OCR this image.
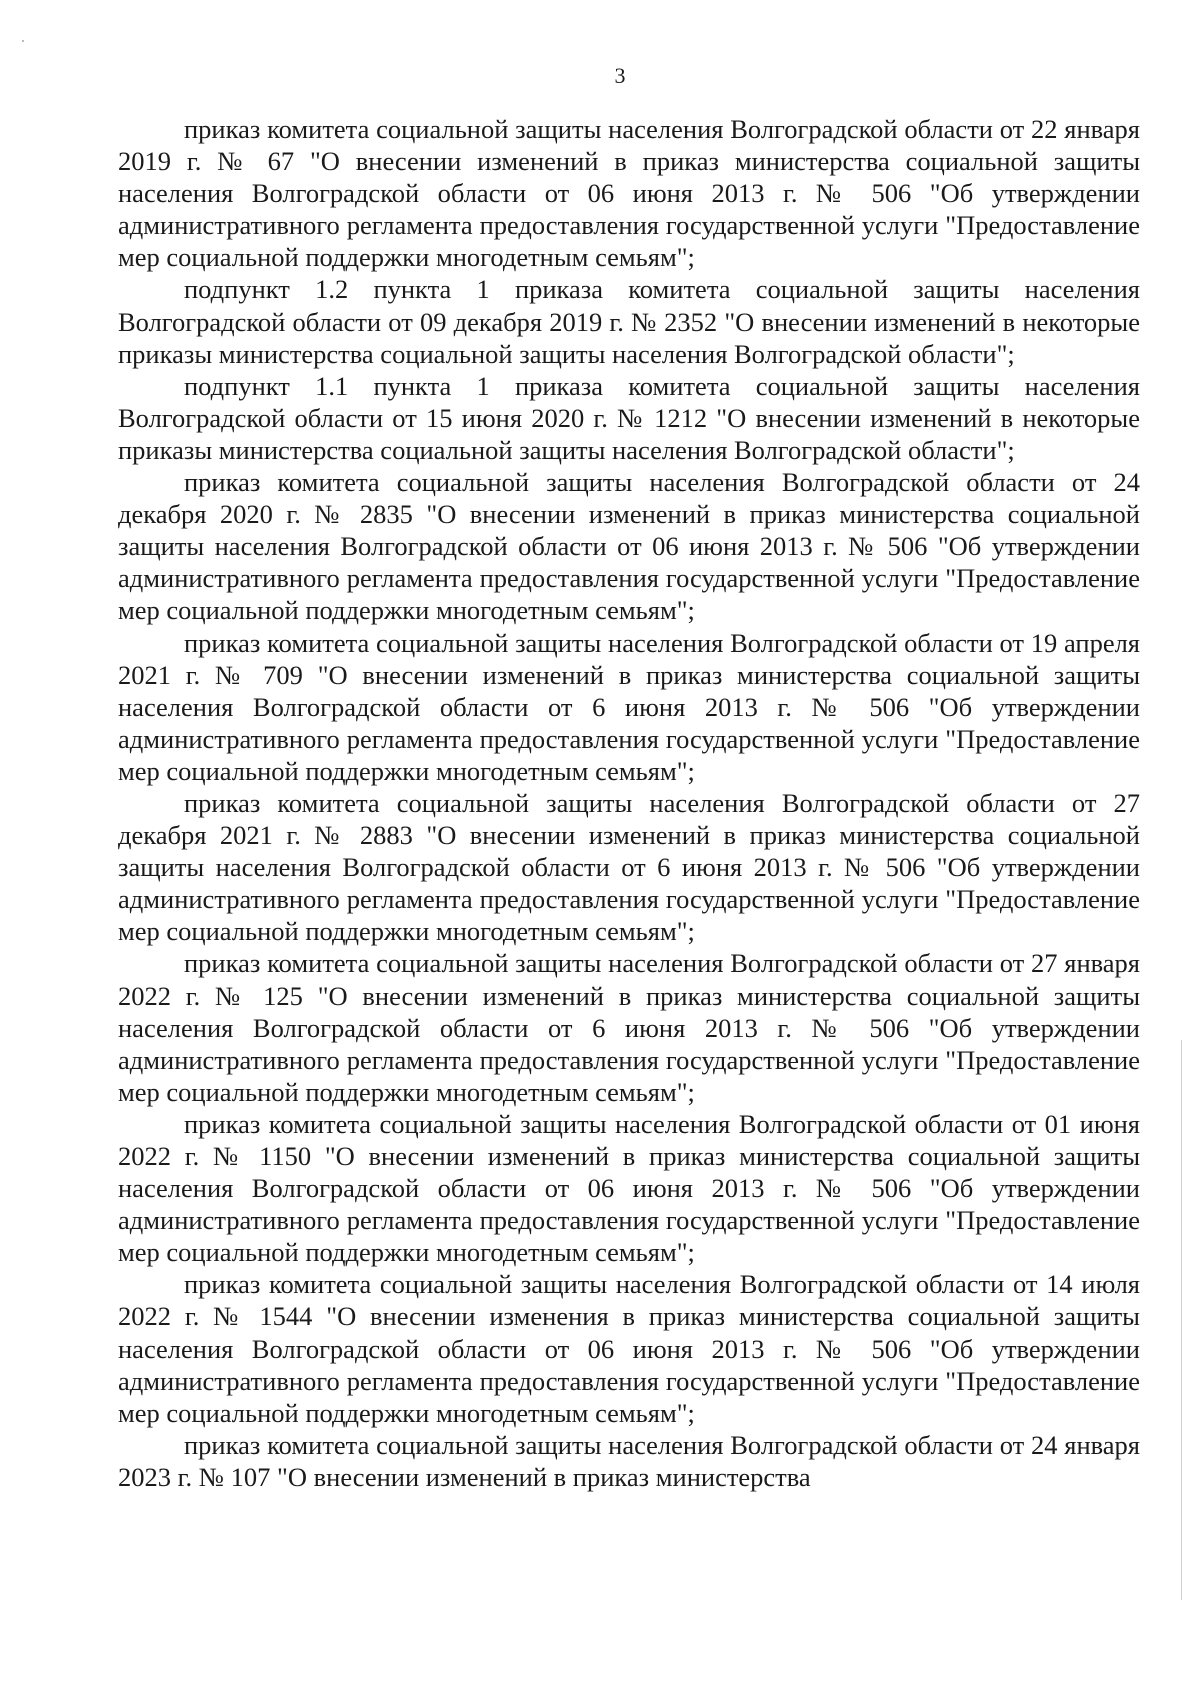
3

приказ комитета социальной защиты населения Волгоградской области от 22 января 2019 г. № 67 "О внесении изменений в приказ министерства социальной защиты населения Волгоградской области от 06 июня 2013 г. № 506 "Об утверждении административного регламента предоставления государственной услуги "Предоставление мер социальной поддержки многодетным семьям";

подпункт 1.2 пункта 1 приказа комитета социальной защиты населения Волгоградской области от 09 декабря 2019 г. № 2352 "О внесении изменений в некоторые приказы министерства социальной защиты населения Волгоградской области";

подпункт 1.1 пункта 1 приказа комитета социальной защиты населения Волгоградской области от 15 июня 2020 г. № 1212 "О внесении изменений в некоторые приказы министерства социальной защиты населения Волгоградской области";

приказ комитета социальной защиты населения Волгоградской области от 24 декабря 2020 г. № 2835 "О внесении изменений в приказ министерства социальной защиты населения Волгоградской области от 06 июня 2013 г. № 506 "Об утверждении административного регламента предоставления государственной услуги "Предоставление мер социальной поддержки многодетным семьям";

приказ комитета социальной защиты населения Волгоградской области от 19 апреля 2021 г. № 709 "О внесении изменений в приказ министерства социальной защиты населения Волгоградской области от 6 июня 2013 г. № 506 "Об утверждении административного регламента предоставления государственной услуги "Предоставление мер социальной поддержки многодетным семьям";

приказ комитета социальной защиты населения Волгоградской области от 27 декабря 2021 г. № 2883 "О внесении изменений в приказ министерства социальной защиты населения Волгоградской области от 6 июня 2013 г. № 506 "Об утверждении административного регламента предоставления государственной услуги "Предоставление мер социальной поддержки многодетным семьям";

приказ комитета социальной защиты населения Волгоградской области от 27 января 2022 г. № 125 "О внесении изменений в приказ министерства социальной защиты населения Волгоградской области от 6 июня 2013 г. № 506 "Об утверждении административного регламента предоставления государственной услуги "Предоставление мер социальной поддержки многодетным семьям";

приказ комитета социальной защиты населения Волгоградской области от 01 июня 2022 г. № 1150 "О внесении изменений в приказ министерства социальной защиты населения Волгоградской области от 06 июня 2013 г. № 506 "Об утверждении административного регламента предоставления государственной услуги "Предоставление мер социальной поддержки многодетным семьям";

приказ комитета социальной защиты населения Волгоградской области от 14 июля 2022 г. № 1544 "О внесении изменения в приказ министерства социальной защиты населения Волгоградской области от 06 июня 2013 г. № 506 "Об утверждении административного регламента предоставления государственной услуги "Предоставление мер социальной поддержки многодетным семьям";

приказ комитета социальной защиты населения Волгоградской области от 24 января 2023 г. № 107 "О внесении изменений в приказ министерства
